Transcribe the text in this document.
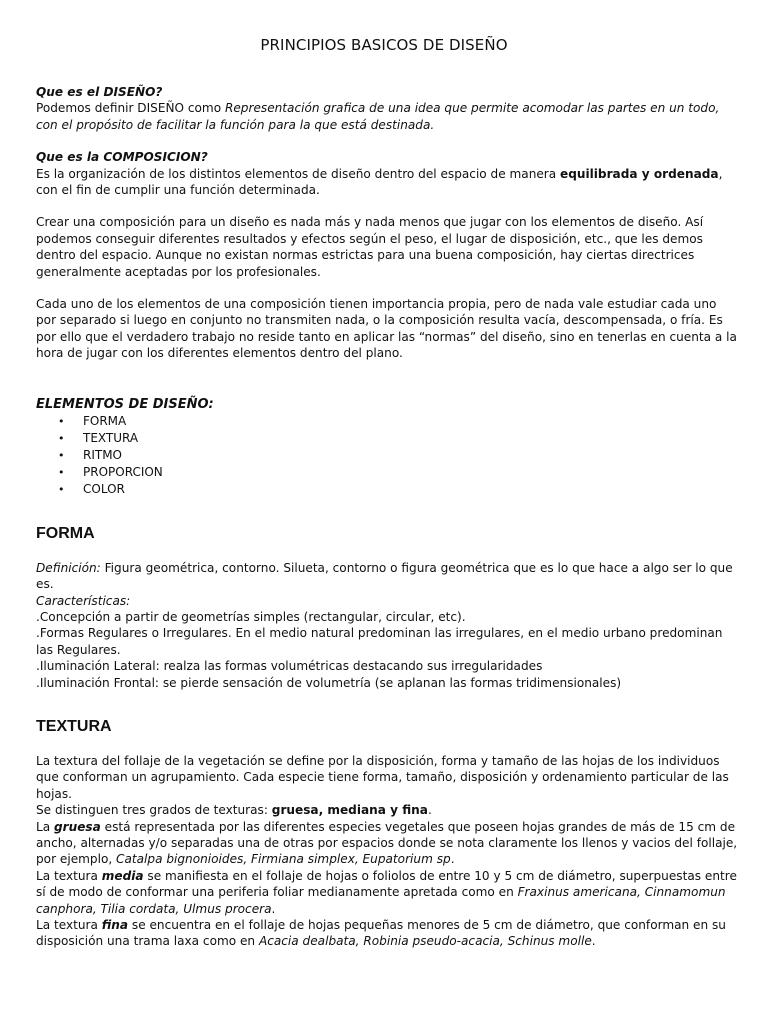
PRINCIPIOS BASICOS DE DISEÑO

Que es el DISEÑO?

Podemos definir DISEÑO como Representación grafica de una idea que permite acomodar las partes en un todo, con el propósito de facilitar la función para la que está destinada.

Que es la COMPOSICION?

Es la organización de los distintos elementos de diseño dentro del espacio de manera equilibrada y ordenada, con el fin de cumplir una función determinada.

Crear una composición para un diseño es nada más y nada menos que jugar con los elementos de diseño. Así podemos conseguir diferentes resultados y efectos según el peso, el lugar de disposición, etc., que les demos dentro del espacio. Aunque no existan normas estrictas para una buena composición, hay ciertas directrices generalmente aceptadas por los profesionales.

Cada uno de los elementos de una composición tienen importancia propia, pero de nada vale estudiar cada uno por separado si luego en conjunto no transmiten nada, o la composición resulta vacía, descompensada, o fría. Es por ello que el verdadero trabajo no reside tanto en aplicar las “normas” del diseño, sino en tenerlas en cuenta a la hora de jugar con los diferentes elementos dentro del plano.

ELEMENTOS DE DISEÑO:

• FORMA
• TEXTURA
• RITMO
• PROPORCION
• COLOR
FORMA

Definición: Figura geométrica, contorno. Silueta, contorno o figura geométrica que es lo que hace a algo ser lo que es.

Características:

.Concepción a partir de geometrías simples (rectangular, circular, etc).

.Formas Regulares o Irregulares. En el medio natural predominan las irregulares, en el medio urbano predominan las Regulares.

.Iluminación Lateral: realza las formas volumétricas destacando sus irregularidades

.Iluminación Frontal: se pierde sensación de volumetría (se aplanan las formas tridimensionales)

TEXTURA

La textura del follaje de la vegetación se define por la disposición, forma y tamaño de las hojas de los individuos que conforman un agrupamiento. Cada especie tiene forma, tamaño, disposición y ordenamiento particular de las hojas.

Se distinguen tres grados de texturas: gruesa, mediana y fina.

La gruesa está representada por las diferentes especies vegetales que poseen hojas grandes de más de 15 cm de ancho, alternadas y/o separadas una de otras por espacios donde se nota claramente los llenos y vacios del follaje, por ejemplo, Catalpa bignonioides, Firmiana simplex, Eupatorium sp.

La textura media se manifiesta en el follaje de hojas o foliolos de entre 10 y 5 cm de diámetro, superpuestas entre sí de modo de conformar una periferia foliar medianamente apretada como en Fraxinus americana, Cinnamomun canphora, Tilia cordata, Ulmus procera.

La textura fina se encuentra en el follaje de hojas pequeñas menores de 5 cm de diámetro, que conforman en su disposición una trama laxa como en Acacia dealbata, Robinia pseudo-acacia, Schinus molle.
